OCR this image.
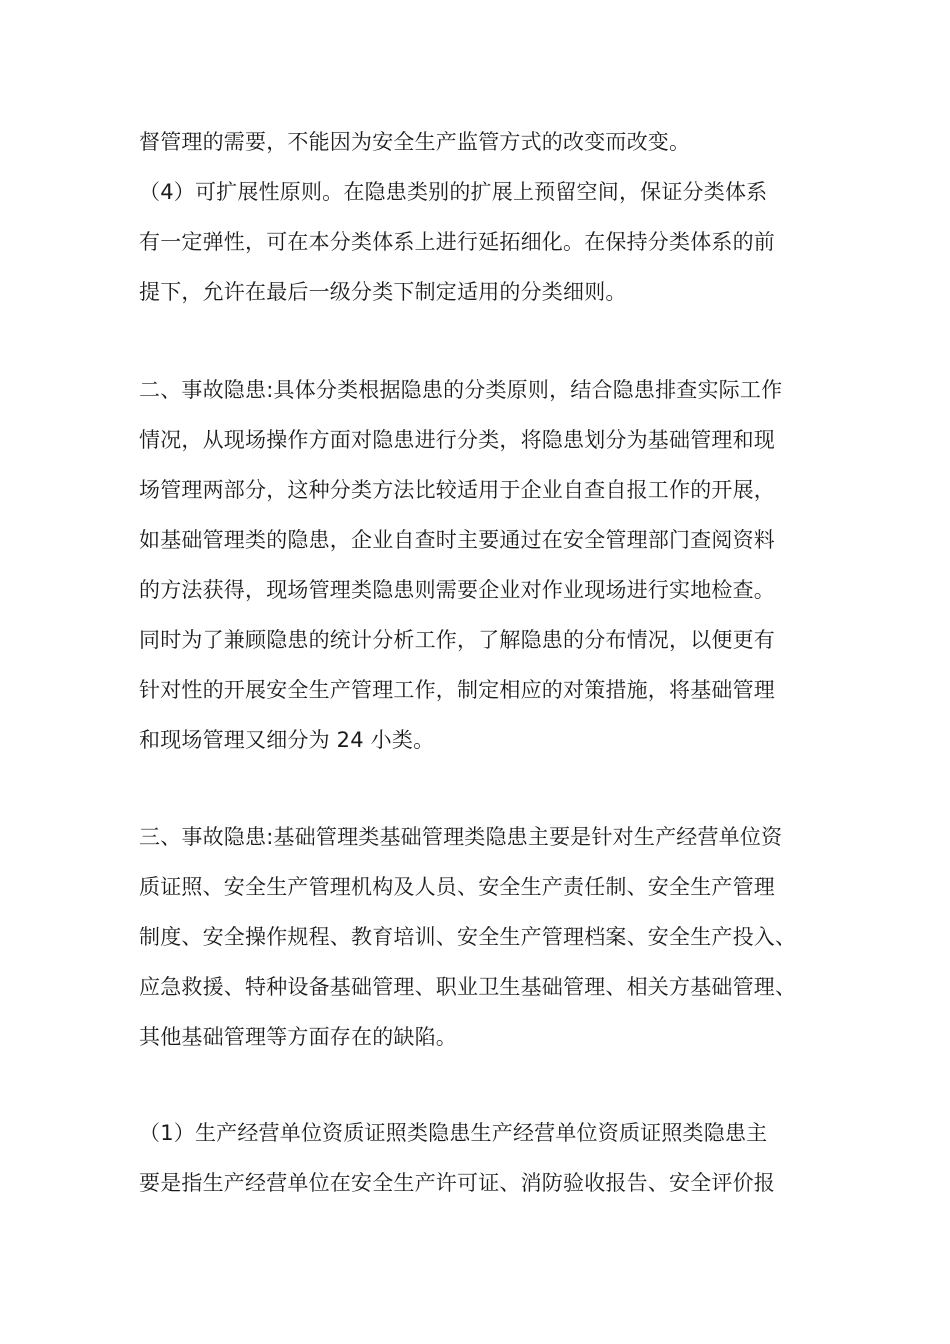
督管理的需要，不能因为安全生产监管方式的改变而改变。
（4）可扩展性原则。在隐患类别的扩展上预留空间，保证分类体系
有一定弹性，可在本分类体系上进行延拓细化。在保持分类体系的前
提下，允许在最后一级分类下制定适用的分类细则。
二、事故隐患:具体分类根据隐患的分类原则，结合隐患排查实际工作
情况，从现场操作方面对隐患进行分类，将隐患划分为基础管理和现
场管理两部分，这种分类方法比较适用于企业自查自报工作的开展，
如基础管理类的隐患，企业自查时主要通过在安全管理部门查阅资料
的方法获得，现场管理类隐患则需要企业对作业现场进行实地检查。
同时为了兼顾隐患的统计分析工作，了解隐患的分布情况，以便更有
针对性的开展安全生产管理工作，制定相应的对策措施，将基础管理
和现场管理又细分为 24 小类。
三、事故隐患:基础管理类基础管理类隐患主要是针对生产经营单位资
质证照、安全生产管理机构及人员、安全生产责任制、安全生产管理
制度、安全操作规程、教育培训、安全生产管理档案、安全生产投入、
应急救援、特种设备基础管理、职业卫生基础管理、相关方基础管理、
其他基础管理等方面存在的缺陷。
（1）生产经营单位资质证照类隐患生产经营单位资质证照类隐患主
要是指生产经营单位在安全生产许可证、消防验收报告、安全评价报
